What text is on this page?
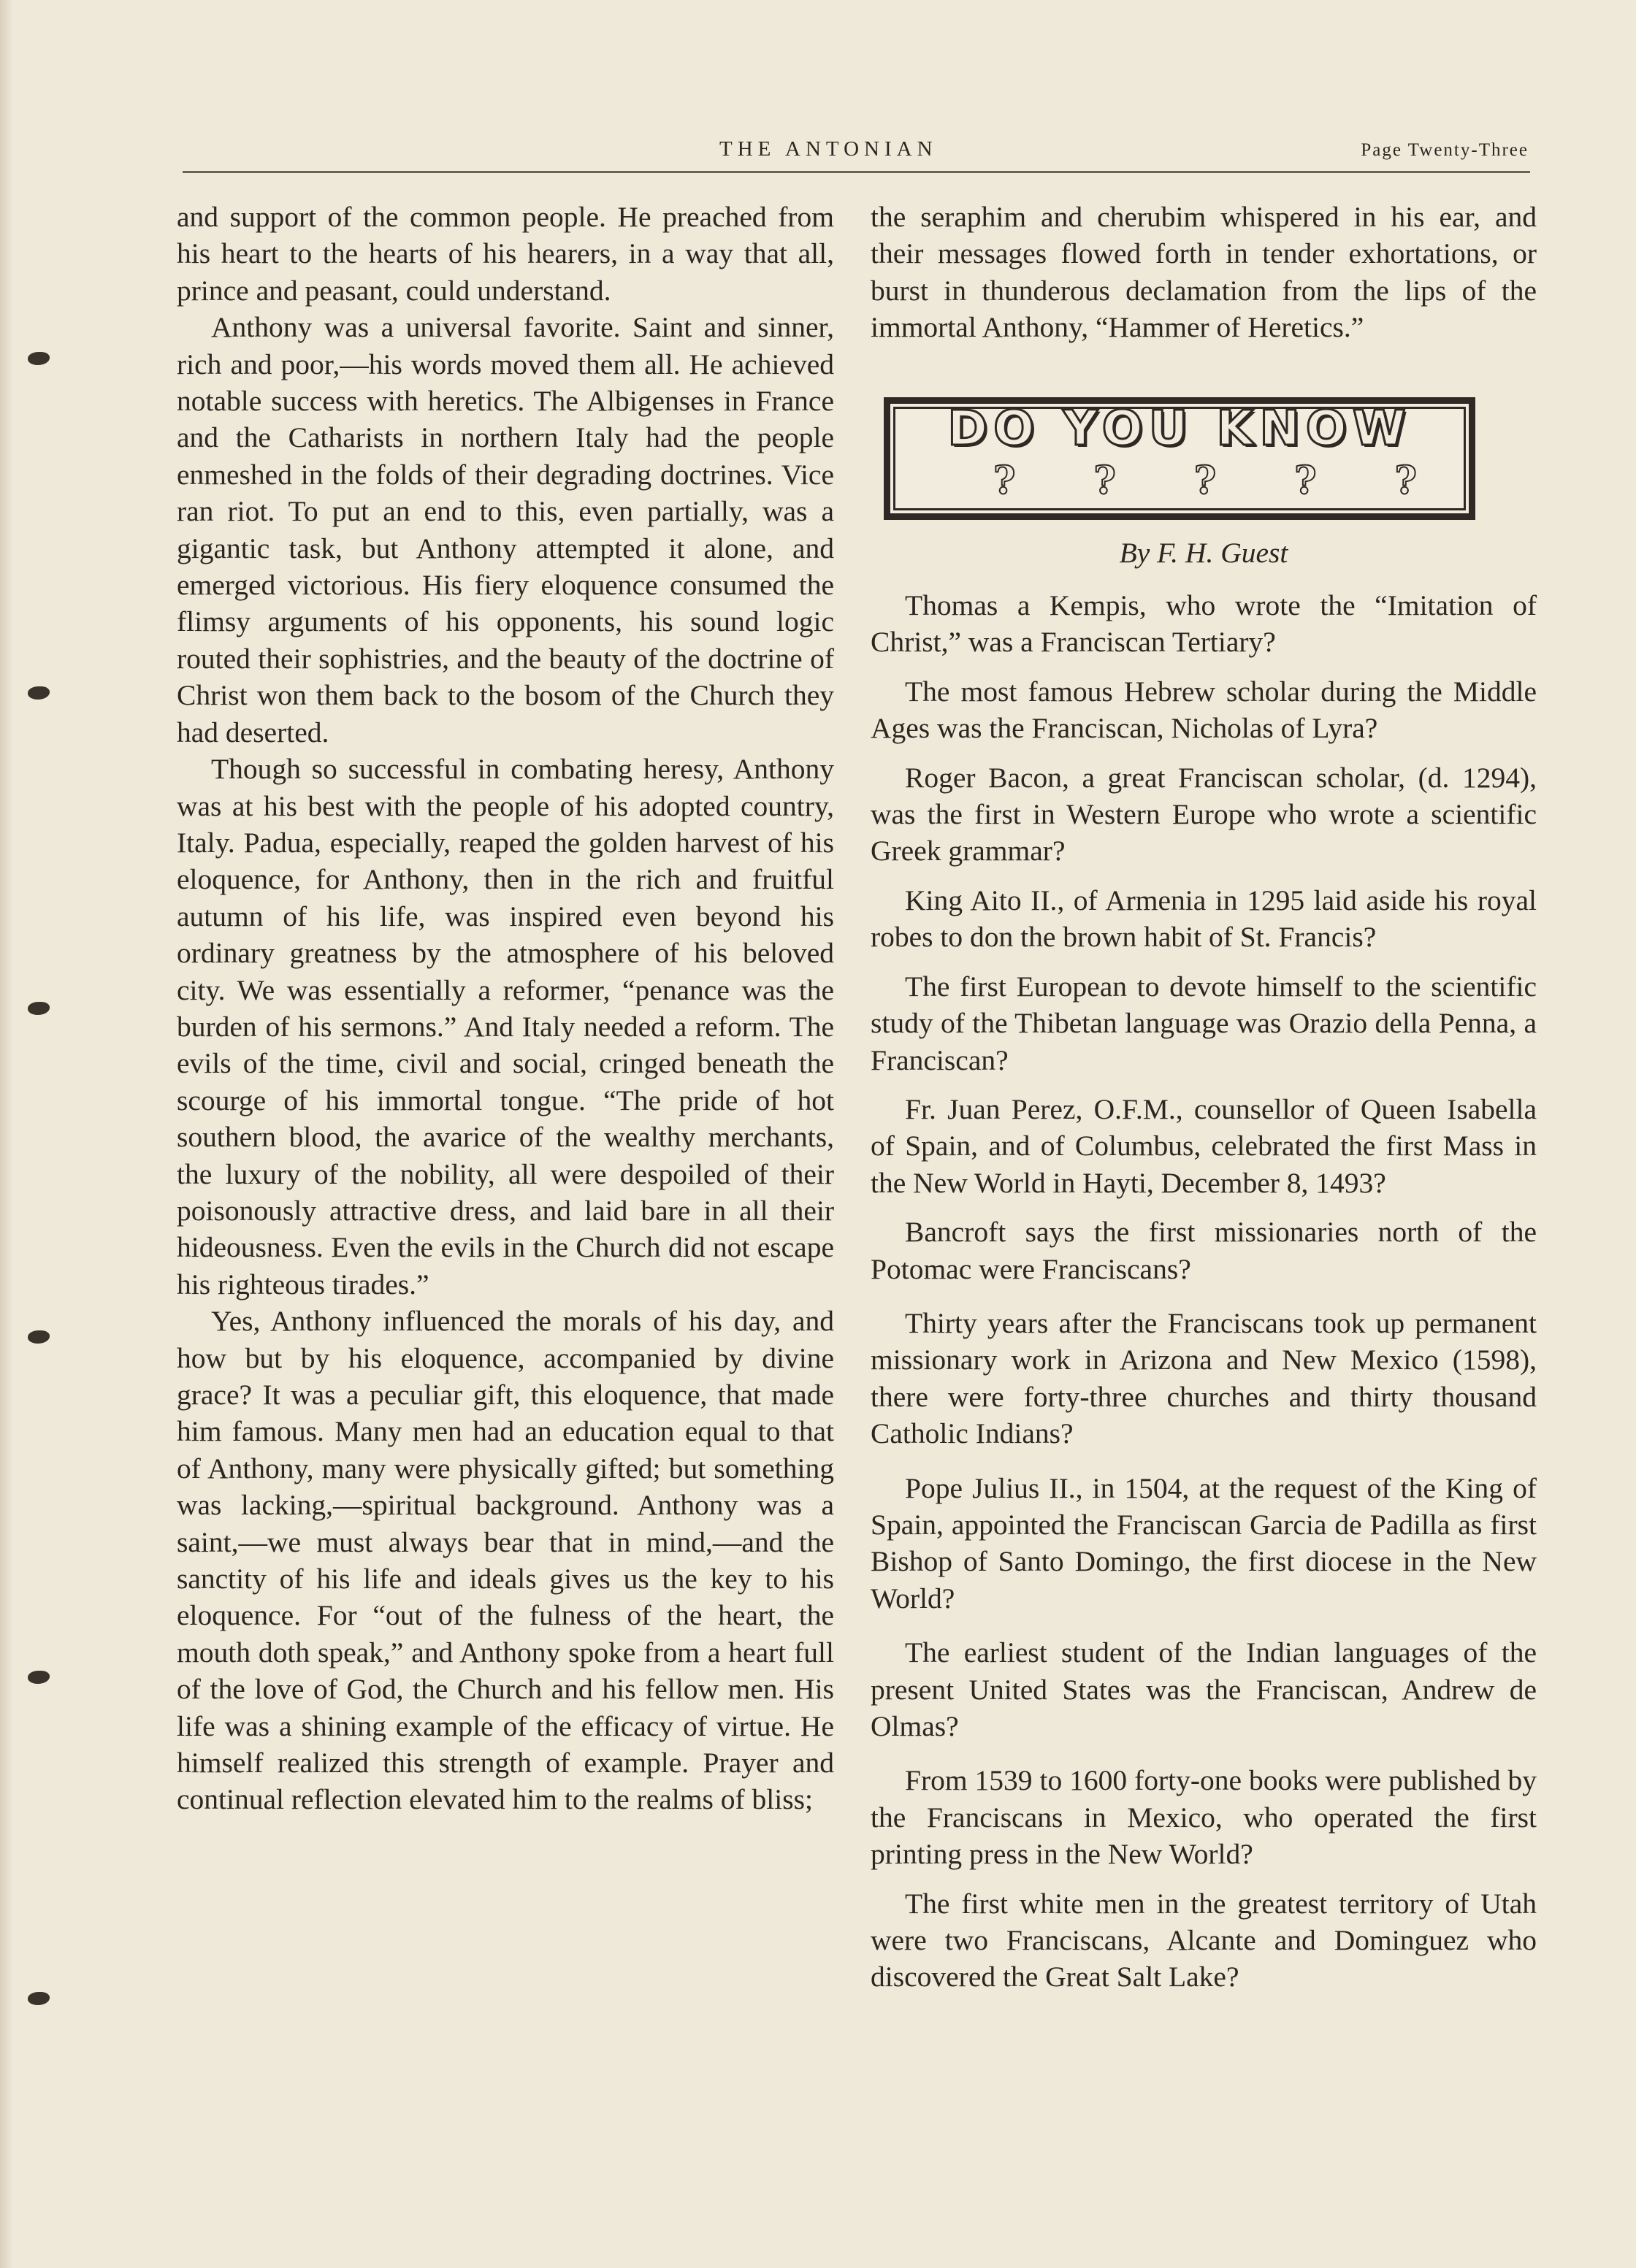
THE ANTONIAN	Page Twenty-Three

and support of the common people. He preached from his heart to the hearts of his hearers, in a way that all, prince and peasant, could understand.

Anthony was a universal favorite. Saint and sinner, rich and poor,—his words moved them all. He achieved notable success with heretics. The Albigenses in France and the Catharists in northern Italy had the people enmeshed in the folds of their degrading doctrines. Vice ran riot. To put an end to this, even partially, was a gigantic task, but Anthony attempted it alone, and emerged victorious. His fiery eloquence consumed the flimsy arguments of his opponents, his sound logic routed their sophistries, and the beauty of the doctrine of Christ won them back to the bosom of the Church they had deserted.

Though so successful in combating heresy, Anthony was at his best with the people of his adopted country, Italy. Padua, especially, reaped the golden harvest of his eloquence, for Anthony, then in the rich and fruitful autumn of his life, was inspired even beyond his ordinary greatness by the atmosphere of his beloved city. We was essentially a reformer, “penance was the burden of his sermons.” And Italy needed a reform. The evils of the time, civil and social, cringed beneath the scourge of his immortal tongue. “The pride of hot southern blood, the avarice of the wealthy merchants, the luxury of the nobility, all were despoiled of their poisonously attractive dress, and laid bare in all their hideousness. Even the evils in the Church did not escape his righteous tirades.”

Yes, Anthony influenced the morals of his day, and how but by his eloquence, accompanied by divine grace? It was a peculiar gift, this eloquence, that made him famous. Many men had an education equal to that of Anthony, many were physically gifted; but something was lacking,—spiritual background. Anthony was a saint,—we must always bear that in mind,—and the sanctity of his life and ideals gives us the key to his eloquence. For “out of the fulness of the heart, the mouth doth speak,” and Anthony spoke from a heart full of the love of God, the Church and his fellow men. His life was a shining example of the efficacy of virtue. He himself realized this strength of example. Prayer and continual reflection elevated him to the realms of bliss;

the seraphim and cherubim whispered in his ear, and their messages flowed forth in tender exhortations, or burst in thunderous declamation from the lips of the immortal Anthony, “Hammer of Heretics.”

DO YOU KNOW
? ? ? ? ?
By F. H. Guest

Thomas a Kempis, who wrote the “Imitation of Christ,” was a Franciscan Tertiary?

The most famous Hebrew scholar during the Middle Ages was the Franciscan, Nicholas of Lyra?

Roger Bacon, a great Franciscan scholar, (d. 1294), was the first in Western Europe who wrote a scientific Greek grammar?

King Aito II., of Armenia in 1295 laid aside his royal robes to don the brown habit of St. Francis?

The first European to devote himself to the scientific study of the Thibetan language was Orazio della Penna, a Franciscan?

Fr. Juan Perez, O.F.M., counsellor of Queen Isabella of Spain, and of Columbus, celebrated the first Mass in the New World in Hayti, December 8, 1493?

Bancroft says the first missionaries north of the Potomac were Franciscans?

Thirty years after the Franciscans took up permanent missionary work in Arizona and New Mexico (1598), there were forty-three churches and thirty thousand Catholic Indians?

Pope Julius II., in 1504, at the request of the King of Spain, appointed the Franciscan Garcia de Padilla as first Bishop of Santo Domingo, the first diocese in the New World?

The earliest student of the Indian languages of the present United States was the Franciscan, Andrew de Olmas?

From 1539 to 1600 forty-one books were published by the Franciscans in Mexico, who operated the first printing press in the New World?

The first white men in the greatest territory of Utah were two Franciscans, Alcante and Dominguez who discovered the Great Salt Lake?
